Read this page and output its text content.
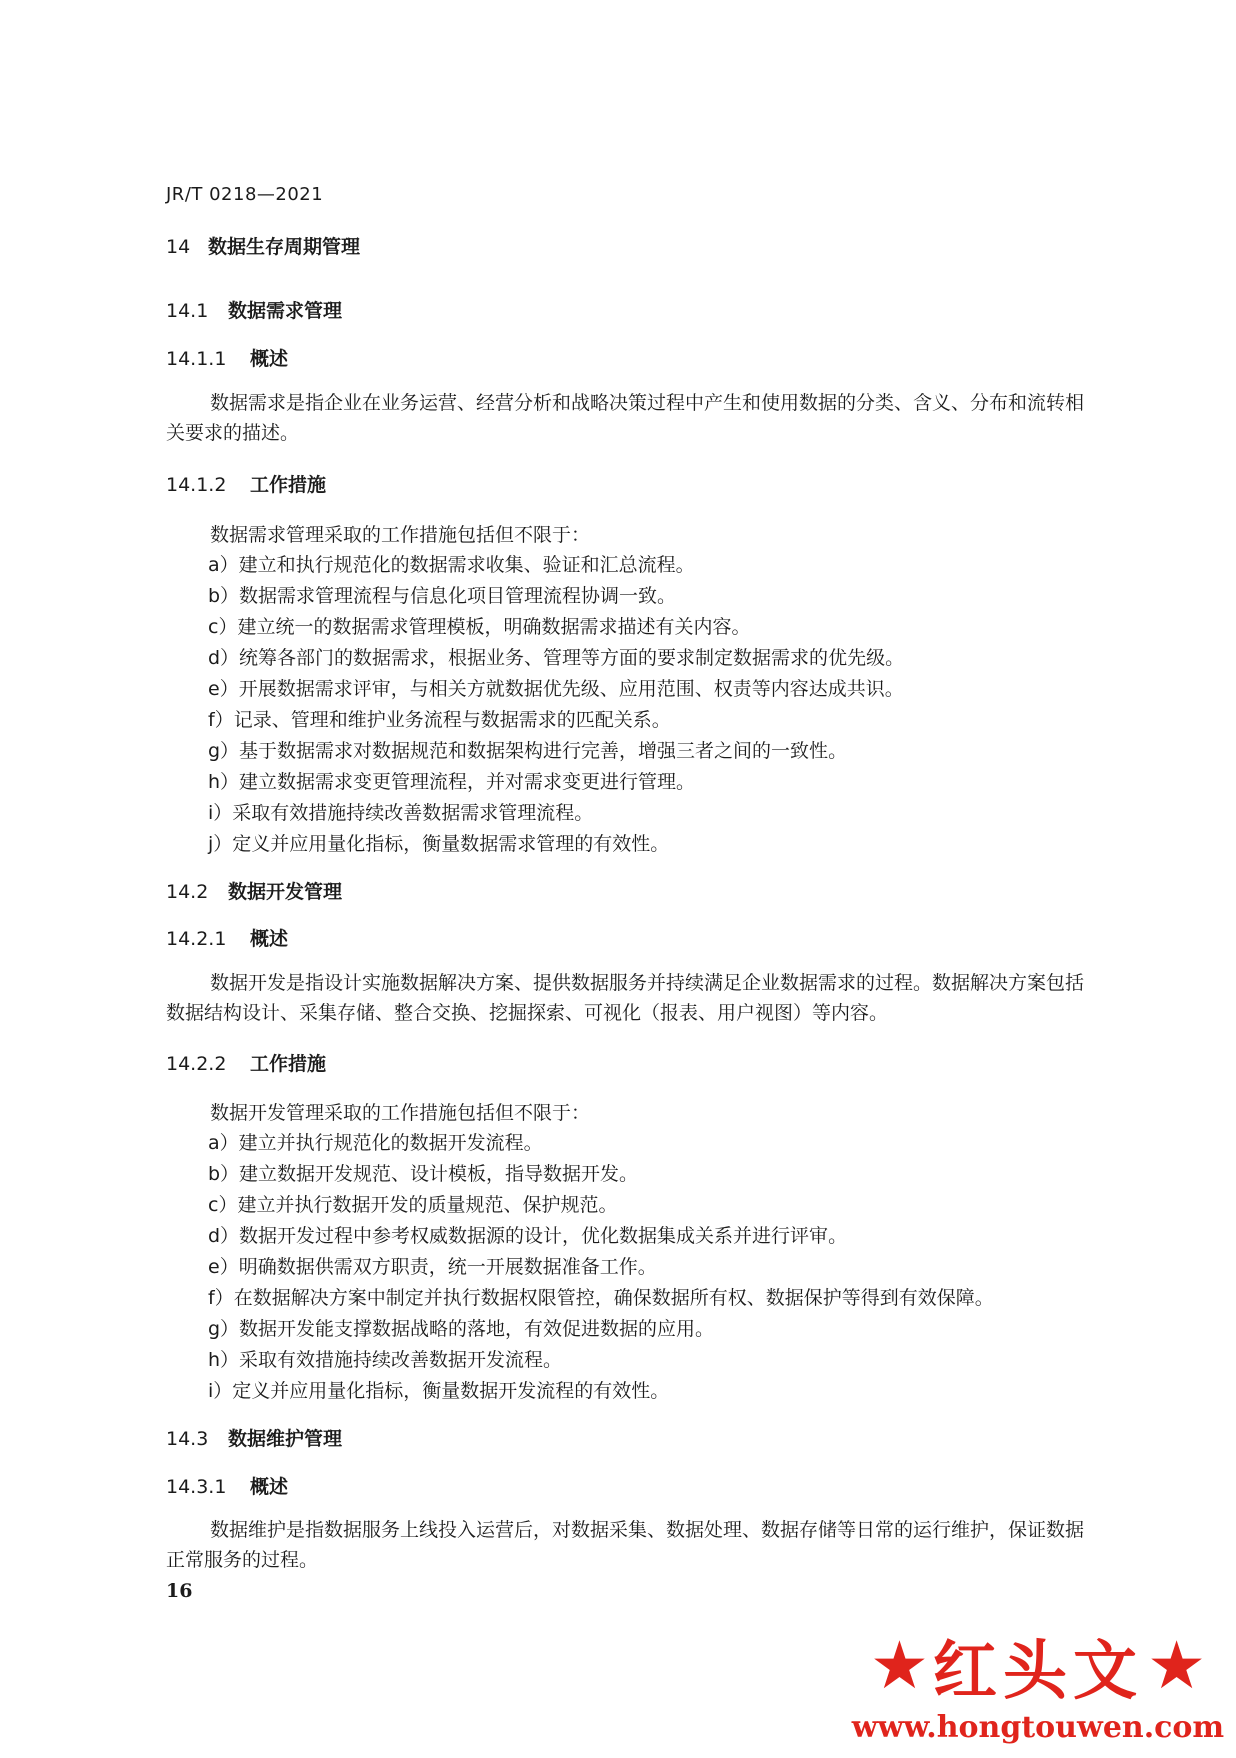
JR/T 0218—2021
14 数据生存周期管理
14.1 数据需求管理
14.1.1 概述

数据需求是指企业在业务运营、经营分析和战略决策过程中产生和使用数据的分类、含义、分布和流转相关要求的描述。

14.1.2 工作措施
数据需求管理采取的工作措施包括但不限于：
a）建立和执行规范化的数据需求收集、验证和汇总流程。
b）数据需求管理流程与信息化项目管理流程协调一致。
c）建立统一的数据需求管理模板，明确数据需求描述有关内容。
d）统筹各部门的数据需求，根据业务、管理等方面的要求制定数据需求的优先级。
e）开展数据需求评审，与相关方就数据优先级、应用范围、权责等内容达成共识。
f）记录、管理和维护业务流程与数据需求的匹配关系。
g）基于数据需求对数据规范和数据架构进行完善，增强三者之间的一致性。
h）建立数据需求变更管理流程，并对需求变更进行管理。
i）采取有效措施持续改善数据需求管理流程。
j）定义并应用量化指标，衡量数据需求管理的有效性。
14.2 数据开发管理
14.2.1 概述

数据开发是指设计实施数据解决方案、提供数据服务并持续满足企业数据需求的过程。数据解决方案包括数据结构设计、采集存储、整合交换、挖掘探索、可视化（报表、用户视图）等内容。

14.2.2 工作措施
数据开发管理采取的工作措施包括但不限于：
a）建立并执行规范化的数据开发流程。
b）建立数据开发规范、设计模板，指导数据开发。
c）建立并执行数据开发的质量规范、保护规范。
d）数据开发过程中参考权威数据源的设计，优化数据集成关系并进行评审。
e）明确数据供需双方职责，统一开展数据准备工作。
f）在数据解决方案中制定并执行数据权限管控，确保数据所有权、数据保护等得到有效保障。
g）数据开发能支撑数据战略的落地，有效促进数据的应用。
h）采取有效措施持续改善数据开发流程。
i）定义并应用量化指标，衡量数据开发流程的有效性。
14.3 数据维护管理
14.3.1 概述

数据维护是指数据服务上线投入运营后，对数据采集、数据处理、数据存储等日常的运行维护，保证数据正常服务的过程。

16
★ 红头文 ★
www.hongtouwen.com
